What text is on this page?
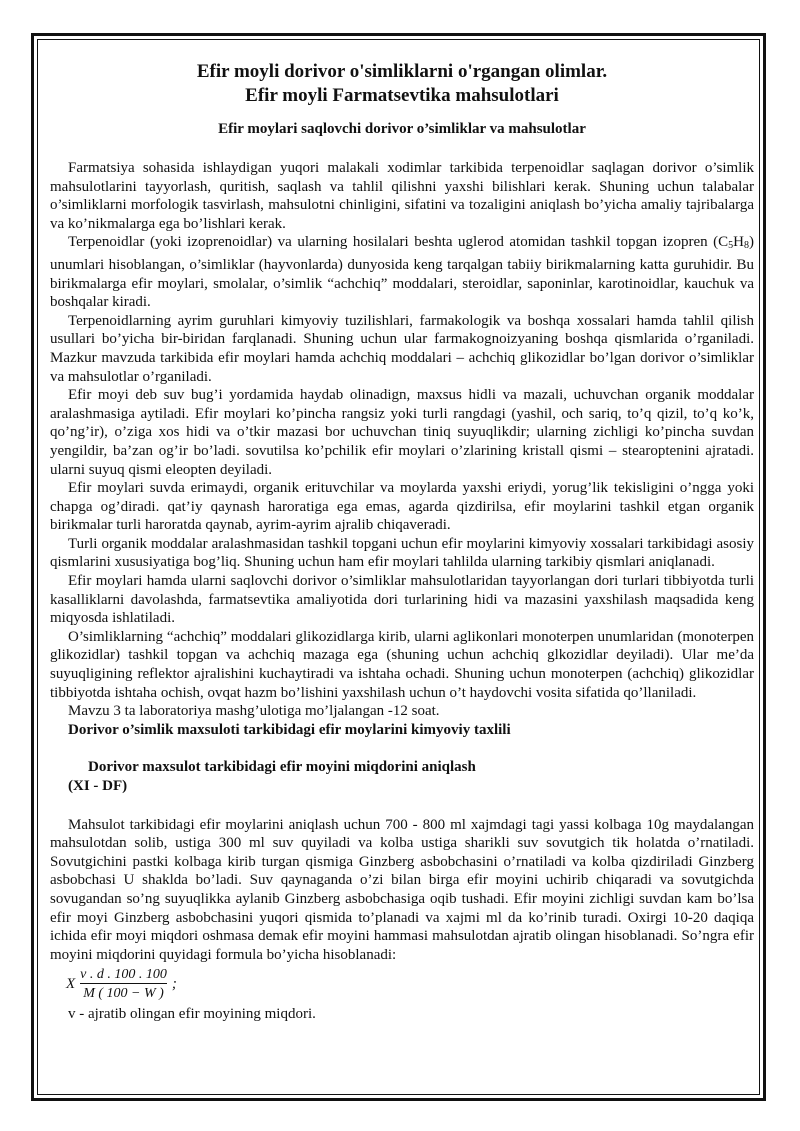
Efir moyli dorivor o'simliklarni o'rgangan olimlar.
Efir moyli Farmatsevtika mahsulotlari
Efir moylari saqlovchi dorivor o’simliklar va mahsulotlar

Farmatsiya sohasida ishlaydigan yuqori malakali xodimlar tarkibida terpenoidlar saqlagan dorivor o’simlik mahsulotlarini tayyorlash, quritish, saqlash va tahlil qilishni yaxshi bilishlari kerak. Shuning uchun talabalar o’simliklarni morfologik tasvirlash, mahsulotni chinligini, sifatini va tozaligini aniqlash bo’yicha amaliy tajribalarga va ko’nikmalarga ega bo’lishlari kerak.

Terpenoidlar (yoki izoprenoidlar) va ularning hosilalari beshta uglerod atomidan tashkil topgan izopren $(C_5H_8)$ unumlari hisoblangan, o’simliklar (hayvonlarda) dunyosida keng tarqalgan tabiiy birikmalarning katta guruhidir. Bu birikmalarga efir moylari, smolalar, o’simlik “achchiq” moddalari, steroidlar, saponinlar, karotinoidlar, kauchuk va boshqalar kiradi.

Terpenoidlarning ayrim guruhlari kimyoviy tuzilishlari, farmakologik va boshqa xossalari hamda tahlil qilish usullari bo’yicha bir-biridan farqlanadi. Shuning uchun ular farmakognoizyaning boshqa qismlarida o’rganiladi. Mazkur mavzuda tarkibida efir moylari hamda achchiq moddalari – achchiq glikozidlar bo’lgan dorivor o’simliklar va mahsulotlar o’rganiladi.

Efir moyi deb suv bug’i yordamida haydab olinadign, maxsus hidli va mazali, uchuvchan organik moddalar aralashmasiga aytiladi. Efir moylari ko’pincha rangsiz yoki turli rangdagi (yashil, och sariq, to’q qizil, to’q ko’k, qo’ng’ir), o’ziga xos hidi va o’tkir mazasi bor uchuvchan tiniq suyuqlikdir; ularning zichligi ko’pincha suvdan yengildir, ba’zan og’ir bo’ladi. sovutilsa ko’pchilik efir moylari o’zlarining kristall qismi – stearoptenini ajratadi. ularni suyuq qismi eleopten deyiladi.

Efir moylari suvda erimaydi, organik erituvchilar va moylarda yaxshi eriydi, yorug’lik tekisligini o’ngga yoki chapga og’diradi. qat’iy qaynash haroratiga ega emas, agarda qizdirilsa, efir moylarini tashkil etgan organik birikmalar turli haroratda qaynab, ayrim-ayrim ajralib chiqaveradi.

Turli organik moddalar aralashmasidan tashkil topgani uchun efir moylarini kimyoviy xossalari tarkibidagi asosiy qismlarini xususiyatiga bog’liq. Shuning uchun ham efir moylari tahlilda ularning tarkibiy qismlari aniqlanadi.

Efir moylari hamda ularni saqlovchi dorivor o’simliklar mahsulotlaridan tayyorlangan dori turlari tibbiyotda turli kasalliklarni davolashda, farmatsevtika amaliyotida dori turlarining hidi va mazasini yaxshilash maqsadida keng miqyosda ishlatiladi.

O’simliklarning “achchiq” moddalari glikozidlarga kirib, ularni aglikonlari monoterpen unumlaridan (monoterpen glikozidlar) tashkil topgan va achchiq mazaga ega (shuning uchun achchiq glkozidlar deyiladi). Ular me’da suyuqligining reflektor ajralishini kuchaytiradi va ishtaha ochadi. Shuning uchun monoterpen (achchiq) glikozidlar tibbiyotda ishtaha ochish, ovqat hazm bo’lishini yaxshilash uchun o’t haydovchi vosita sifatida qo’llaniladi.

Mavzu 3 ta laboratoriya mashg’ulotiga mo’ljalangan -12 soat.

Dorivor o’simlik maxsuloti tarkibidagi efir moylarini kimyoviy taxlili

Dorivor maxsulot tarkibidagi efir moyini miqdorini aniqlash
(XI - DF)

Mahsulot tarkibidagi efir moylarini aniqlash uchun 700 - 800 ml xajmdagi tagi yassi kolbaga 10g maydalangan mahsulotdan solib, ustiga 300 ml suv quyiladi va kolba ustiga sharikli suv sovutgich tik holatda o’rnatiladi. Sovutgichini pastki kolbaga kirib turgan qismiga Ginzberg asbobchasini o’rnatiladi va kolba qizdiriladi Ginzberg asbobchasi U shaklda bo’ladi. Suv qaynaganda o’zi bilan birga efir moyini uchirib chiqaradi va sovutgichda sovugandan so’ng suyuqlikka aylanib Ginzberg asbobchasiga oqib tushadi. Efir moyini zichligi suvdan kam bo’lsa efir moyi Ginzberg asbobchasini yuqori qismida to’planadi va xajmi ml da ko’rinib turadi. Oxirgi 10-20 daqiqa ichida efir moyi miqdori oshmasa demak efir moyini hammasi mahsulotdan ajratib olingan hisoblanadi. So’ngra efir moyini miqdorini quyidagi formula bo’yicha hisoblanadi:

X $\frac{v . d . 100 . 100}{M ( 100 - W )}$ ;

v - ajratib olingan efir moyining miqdori.
